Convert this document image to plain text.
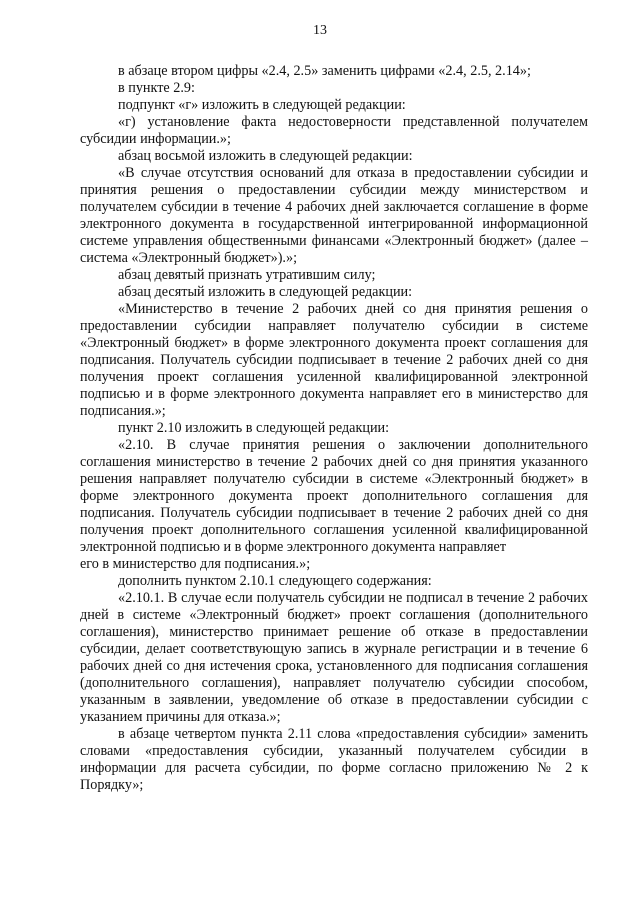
13

в абзаце втором цифры «2.4, 2.5» заменить цифрами «2.4, 2.5, 2.14»;

в пункте 2.9:

подпункт «г» изложить в следующей редакции:

«г) установление факта недостоверности представленной получателем субсидии информации.»;

абзац восьмой изложить в следующей редакции:

«В случае отсутствия оснований для отказа в предоставлении субсидии и принятия решения о предоставлении субсидии между министерством и получателем субсидии в течение 4 рабочих дней заключается соглашение в форме электронного документа в государственной интегрированной информационной системе управления общественными финансами «Электронный бюджет» (далее – система «Электронный бюджет»).»;

абзац девятый признать утратившим силу;

абзац десятый изложить в следующей редакции:

«Министерство в течение 2 рабочих дней со дня принятия решения о предоставлении субсидии направляет получателю субсидии в системе «Электронный бюджет» в форме электронного документа проект соглашения для подписания. Получатель субсидии подписывает в течение 2 рабочих дней со дня получения проект соглашения усиленной квалифицированной электронной подписью и в форме электронного документа направляет его в министерство для подписания.»;

пункт 2.10 изложить в следующей редакции:

«2.10. В случае принятия решения о заключении дополнительного соглашения министерство в течение 2 рабочих дней со дня принятия указанного решения направляет получателю субсидии в системе «Электронный бюджет» в форме электронного документа проект дополнительного соглашения для подписания. Получатель субсидии подписывает в течение 2 рабочих дней со дня получения проект дополнительного соглашения усиленной квалифицированной электронной подписью и в форме электронного документа направляет

его в министерство для подписания.»;

дополнить пунктом 2.10.1 следующего содержания:

«2.10.1. В случае если получатель субсидии не подписал в течение 2 рабочих дней в системе «Электронный бюджет» проект соглашения (дополнительного соглашения), министерство принимает решение об отказе в предоставлении субсидии, делает соответствующую запись в журнале регистрации и в течение 6 рабочих дней со дня истечения срока, установленного для подписания соглашения (дополнительного соглашения), направляет получателю субсидии способом, указанным в заявлении, уведомление об отказе в предоставлении субсидии с указанием причины для отказа.»;

в абзаце четвертом пункта 2.11 слова «предоставления субсидии» заменить словами «предоставления субсидии, указанный получателем субсидии в информации для расчета субсидии, по форме согласно приложению № 2 к Порядку»;
